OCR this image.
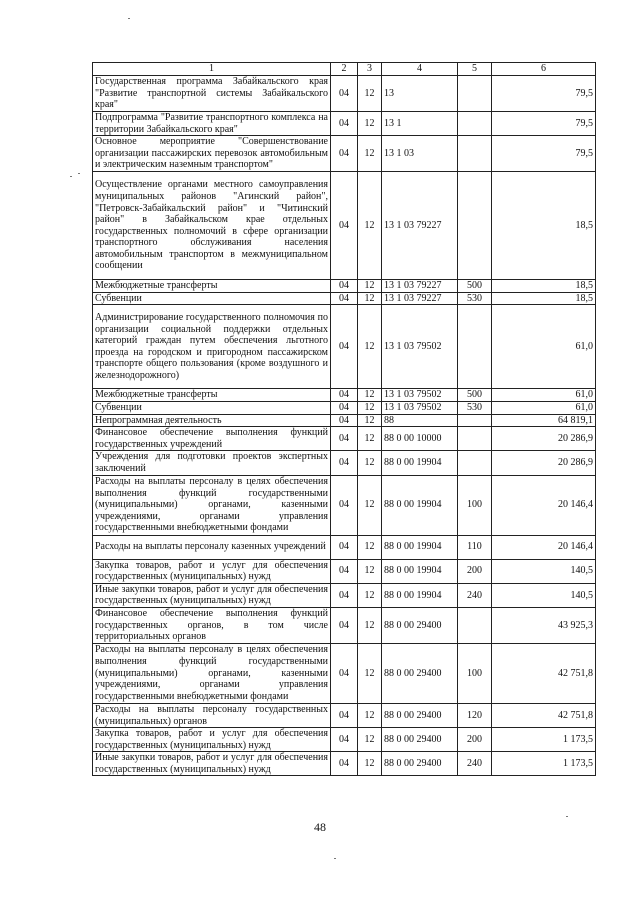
1	2	3	4	5	6
Государственная программа Забайкальского края "Развитие транспортной системы Забайкальского края"	04	12	13		79,5
Подпрограмма "Развитие транспортного комплекса на территории Забайкальского края"	04	12	13 1		79,5
Основное мероприятие "Совершенствование организации пассажирских перевозок автомобильным и электрическим наземным транспортом"	04	12	13 1 03		79,5
Осуществление органами местного самоуправления муниципальных районов "Агинский район", "Петровск-Забайкальский район" и "Читинский район" в Забайкальском крае отдельных государственных полномочий в сфере организации транспортного обслуживания населения автомобильным транспортом в межмуниципальном сообщении	04	12	13 1 03 79227		18,5
Межбюджетные трансферты	04	12	13 1 03 79227	500	18,5
Субвенции	04	12	13 1 03 79227	530	18,5
Администрирование государственного полномочия по организации социальной поддержки отдельных категорий граждан путем обеспечения льготного проезда на городском и пригородном пассажирском транспорте общего пользования (кроме воздушного и железнодорожного)	04	12	13 1 03 79502		61,0
Межбюджетные трансферты	04	12	13 1 03 79502	500	61,0
Субвенции	04	12	13 1 03 79502	530	61,0
Непрограммная деятельность	04	12	88		64 819,1
Финансовое обеспечение выполнения функций государственных учреждений	04	12	88 0 00 10000		20 286,9
Учреждения для подготовки проектов экспертных заключений	04	12	88 0 00 19904		20 286,9
Расходы на выплаты персоналу в целях обеспечения выполнения функций государственными (муниципальными) органами, казенными учреждениями, органами управления государственными внебюджетными фондами	04	12	88 0 00 19904	100	20 146,4
Расходы на выплаты персоналу казенных учреждений	04	12	88 0 00 19904	110	20 146,4
Закупка товаров, работ и услуг для обеспечения государственных (муниципальных) нужд	04	12	88 0 00 19904	200	140,5
Иные закупки товаров, работ и услуг для обеспечения государственных (муниципальных) нужд	04	12	88 0 00 19904	240	140,5
Финансовое обеспечение выполнения функций государственных органов, в том числе территориальных органов	04	12	88 0 00 29400		43 925,3
Расходы на выплаты персоналу в целях обеспечения выполнения функций государственными (муниципальными) органами, казенными учреждениями, органами управления государственными внебюджетными фондами	04	12	88 0 00 29400	100	42 751,8
Расходы на выплаты персоналу государственных (муниципальных) органов	04	12	88 0 00 29400	120	42 751,8
Закупка товаров, работ и услуг для обеспечения государственных (муниципальных) нужд	04	12	88 0 00 29400	200	1 173,5
Иные закупки товаров, работ и услуг для обеспечения государственных (муниципальных) нужд	04	12	88 0 00 29400	240	1 173,5
48
